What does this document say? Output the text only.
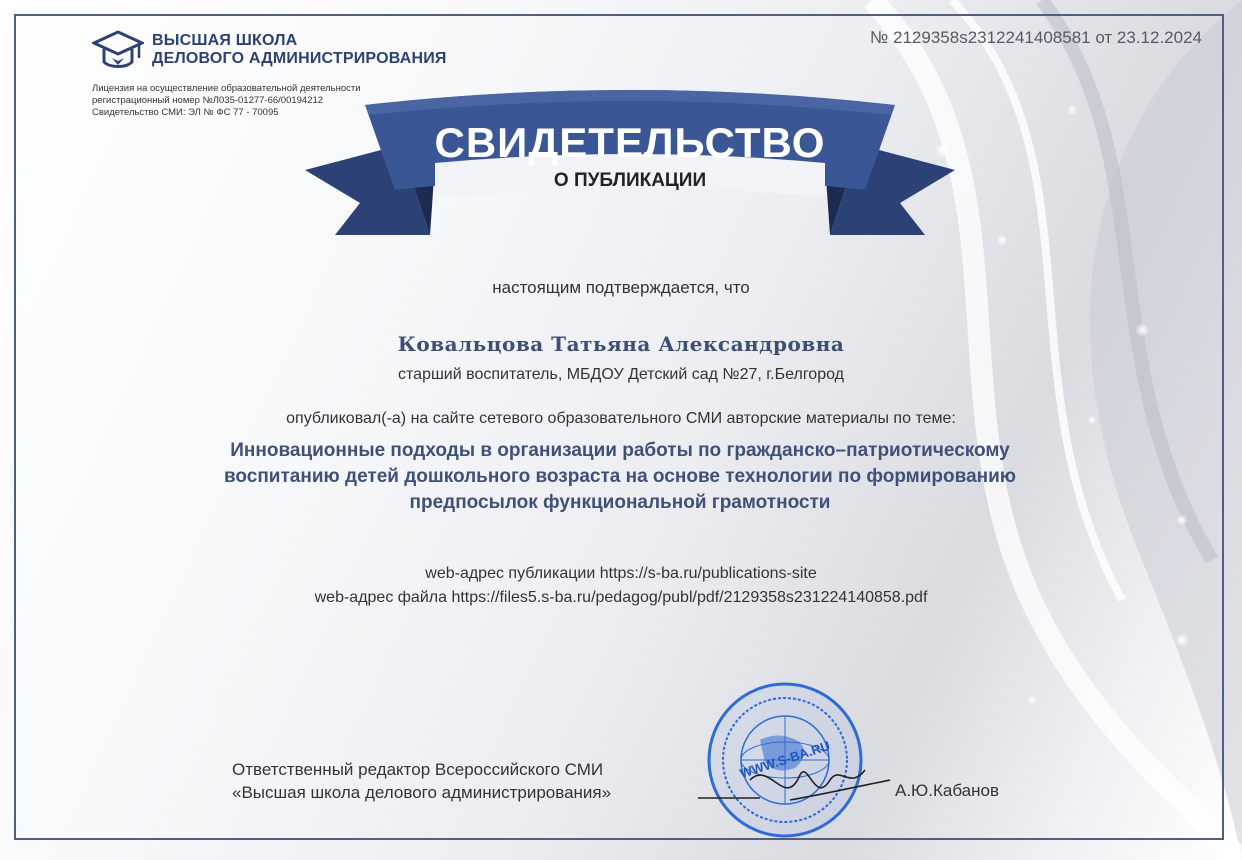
ВЫСШАЯ ШКОЛА
ДЕЛОВОГО АДМИНИСТРИРОВАНИЯ
Лицензия на осуществление образовательной деятельности
регистрационный номер №Л035-01277-66/00194212
Свидетельство СМИ: ЭЛ № ФС 77 - 70095
№ 2129358s2312241408581 от 23.12.2024
СВИДЕТЕЛЬСТВО
О ПУБЛИКАЦИИ
настоящим подтверждается, что
Ковальцова Татьяна Александровна
старший воспитатель, МБДОУ Детский сад №27, г.Белгород
опубликовал(-а) на сайте сетевого образовательного СМИ авторские материалы по теме:
Инновационные подходы в организации работы по гражданско–патриотическому воспитанию детей дошкольного возраста на основе технологии по формированию предпосылок функциональной грамотности
web-адрес публикации https://s-ba.ru/publications-site
web-адрес файла https://files5.s-ba.ru/pedagog/publ/pdf/2129358s231224140858.pdf
Ответственный редактор Всероссийского СМИ
«Высшая школа делового администрирования»
WWW.S-BA.RU
А.Ю.Кабанов
